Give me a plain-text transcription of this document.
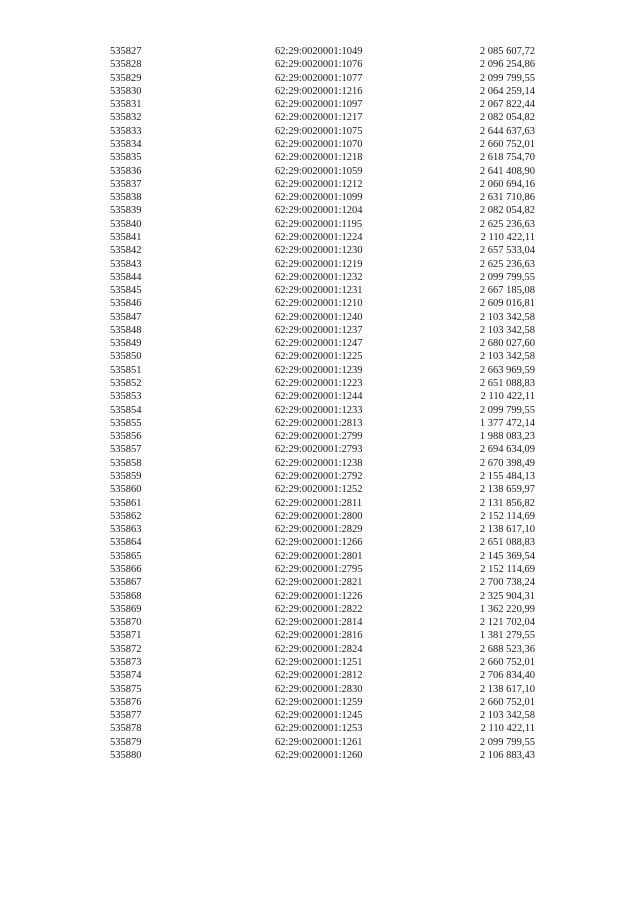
535827	62:29:0020001:1049	2 085 607,72
535828	62:29:0020001:1076	2 096 254,86
535829	62:29:0020001:1077	2 099 799,55
535830	62:29:0020001:1216	2 064 259,14
535831	62:29:0020001:1097	2 067 822,44
535832	62:29:0020001:1217	2 082 054,82
535833	62:29:0020001:1075	2 644 637,63
535834	62:29:0020001:1070	2 660 752,01
535835	62:29:0020001:1218	2 618 754,70
535836	62:29:0020001:1059	2 641 408,90
535837	62:29:0020001:1212	2 060 694,16
535838	62:29:0020001:1099	2 631 710,86
535839	62:29:0020001:1204	2 082 054,82
535840	62:29:0020001:1195	2 625 236,63
535841	62:29:0020001:1224	2 110 422,11
535842	62:29:0020001:1230	2 657 533,04
535843	62:29:0020001:1219	2 625 236,63
535844	62:29:0020001:1232	2 099 799,55
535845	62:29:0020001:1231	2 667 185,08
535846	62:29:0020001:1210	2 609 016,81
535847	62:29:0020001:1240	2 103 342,58
535848	62:29:0020001:1237	2 103 342,58
535849	62:29:0020001:1247	2 680 027,60
535850	62:29:0020001:1225	2 103 342,58
535851	62:29:0020001:1239	2 663 969,59
535852	62:29:0020001:1223	2 651 088,83
535853	62:29:0020001:1244	2 110 422,11
535854	62:29:0020001:1233	2 099 799,55
535855	62:29:0020001:2813	1 377 472,14
535856	62:29:0020001:2799	1 988 083,23
535857	62:29:0020001:2793	2 694 634,09
535858	62:29:0020001:1238	2 670 398,49
535859	62:29:0020001:2792	2 155 484,13
535860	62:29:0020001:1252	2 138 659,97
535861	62:29:0020001:2811	2 131 856,82
535862	62:29:0020001:2800	2 152 114,69
535863	62:29:0020001:2829	2 138 617,10
535864	62:29:0020001:1266	2 651 088,83
535865	62:29:0020001:2801	2 145 369,54
535866	62:29:0020001:2795	2 152 114,69
535867	62:29:0020001:2821	2 700 738,24
535868	62:29:0020001:1226	2 325 904,31
535869	62:29:0020001:2822	1 362 220,99
535870	62:29:0020001:2814	2 121 702,04
535871	62:29:0020001:2816	1 381 279,55
535872	62:29:0020001:2824	2 688 523,36
535873	62:29:0020001:1251	2 660 752,01
535874	62:29:0020001:2812	2 706 834,40
535875	62:29:0020001:2830	2 138 617,10
535876	62:29:0020001:1259	2 660 752,01
535877	62:29:0020001:1245	2 103 342,58
535878	62:29:0020001:1253	2 110 422,11
535879	62:29:0020001:1261	2 099 799,55
535880	62:29:0020001:1260	2 106 883,43
